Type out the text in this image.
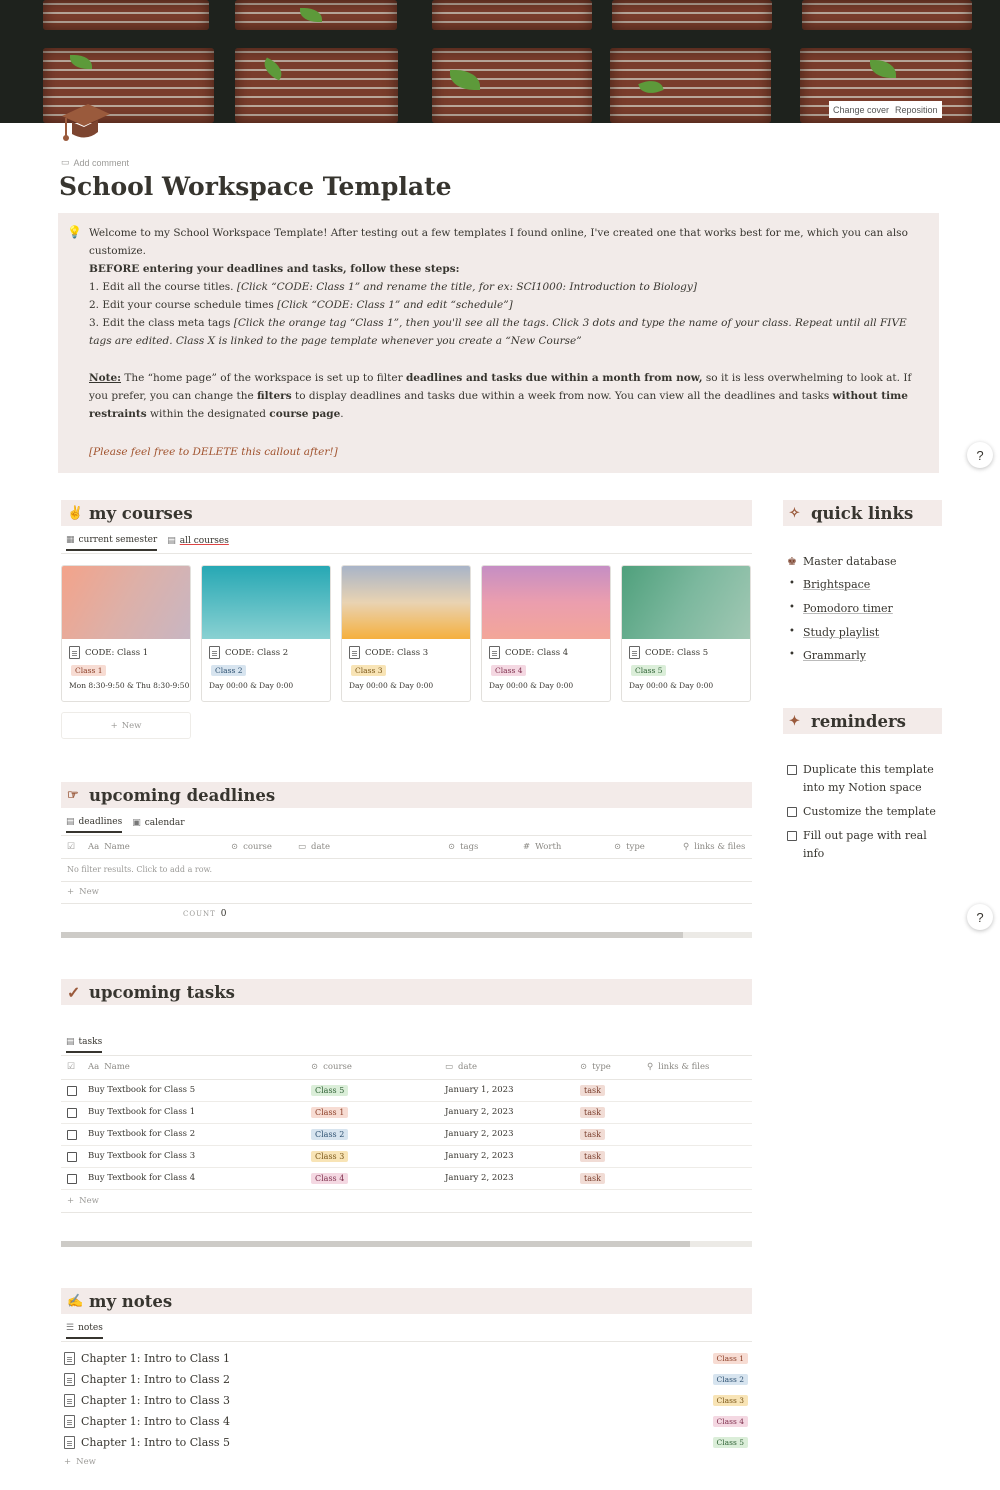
Change cover Reposition
▭ Add comment
School Workspace Template
💡 Welcome to my School Workspace Template! After testing out a few templates I found online, I've created one that works best for me, which you can also customize.

BEFORE entering your deadlines and tasks, follow these steps:

1. Edit all the course titles. [Click “CODE: Class 1” and rename the title, for ex: SCI1000: Introduction to Biology]

2. Edit your course schedule times [Click “CODE: Class 1” and edit “schedule”]

3. Edit the class meta tags [Click the orange tag “Class 1”, then you'll see all the tags. Click 3 dots and type the name of your class. Repeat until all FIVE tags are edited. Class X is linked to the page template whenever you create a “New Course”

Note: The “home page” of the workspace is set up to filter deadlines and tasks due within a month from now, so it is less overwhelming to look at. If you prefer, you can change the filters to display deadlines and tasks due within a week from now. You can view all the deadlines and tasks without time restraints within the designated course page.

[Please feel free to DELETE this callout after!]	?
?
✌ my courses
▦ current semester ▤ all courses
CODE: Class 1
Class 1
Mon 8:30-9:50 & Thu 8:30-9:50
CODE: Class 2
Class 2
Day 00:00 & Day 0:00
CODE: Class 3
Class 3
Day 00:00 & Day 0:00
CODE: Class 4
Class 4
Day 00:00 & Day 0:00
CODE: Class 5
Class 5
Day 00:00 & Day 0:00
+ New
✧ quick links
♚ Master database
• Brightspace
• Pomodoro timer
• Study playlist
• Grammarly
✦ reminders
Duplicate this template into my Notion space
Customize the template
Fill out page with real info
☞ upcoming deadlines
▤ deadlines ▣ calendar
☑ Aa Name	⊙ course	▭ date	⊙ tags	# Worth	⊙ type	⚲ links & files
No filter results. Click to add a row.
+ New
COUNT 0
✓ upcoming tasks
▤ tasks
☑ Aa Name	⊙ course	▭ date	⊙ type	⚲ links & files
Buy Textbook for Class 5	Class 5	January 1, 2023	task
Buy Textbook for Class 1	Class 1	January 2, 2023	task
Buy Textbook for Class 2	Class 2	January 2, 2023	task
Buy Textbook for Class 3	Class 3	January 2, 2023	task
Buy Textbook for Class 4	Class 4	January 2, 2023	task
+ New
✍ my notes
☰ notes
Chapter 1: Intro to Class 1	Class 1
Chapter 1: Intro to Class 2	Class 2
Chapter 1: Intro to Class 3	Class 3
Chapter 1: Intro to Class 4	Class 4
Chapter 1: Intro to Class 5	Class 5
+ New
